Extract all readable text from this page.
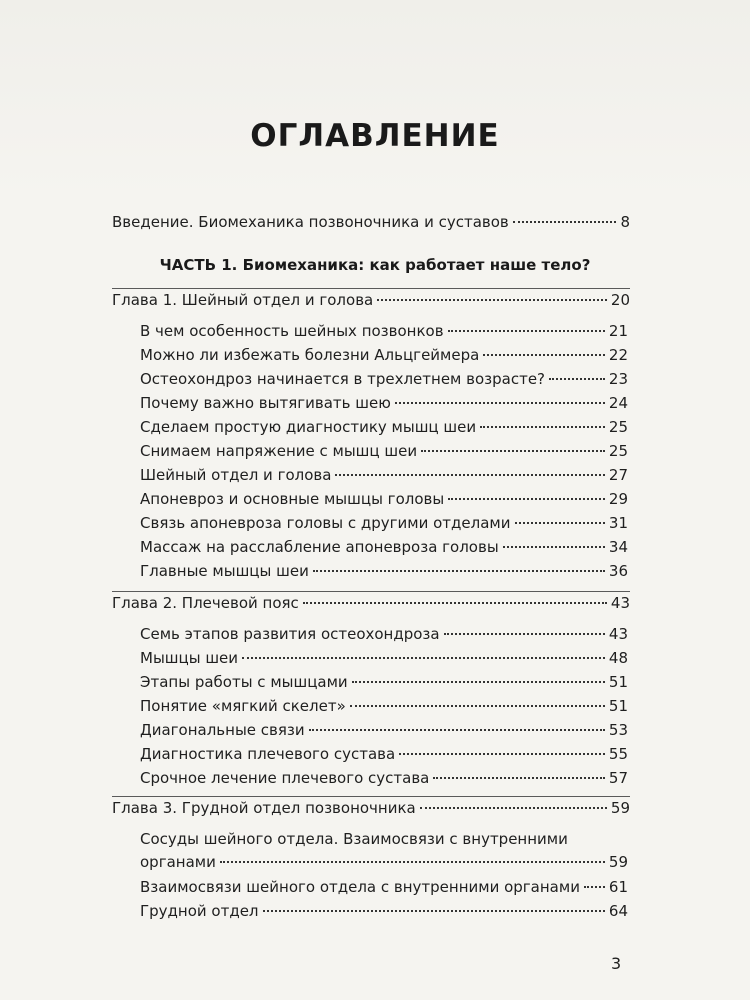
ОГЛАВЛЕНИЕ
Введение. Биомеханика позвоночника и суставов	8
ЧАСТЬ 1. Биомеханика: как работает наше тело?
Глава 1. Шейный отдел и голова	20
В чем особенность шейных позвонков	21
Можно ли избежать болезни Альцгеймера	22
Остеохондроз начинается в трехлетнем возрасте?	23
Почему важно вытягивать шею	24
Сделаем простую диагностику мышц шеи	25
Снимаем напряжение с мышц шеи	25
Шейный отдел и голова	27
Апоневроз и основные мышцы головы	29
Связь апоневроза головы с другими отделами	31
Массаж на расслабление апоневроза головы	34
Главные мышцы шеи	36
Глава 2. Плечевой пояс	43
Семь этапов развития остеохондроза	43
Мышцы шеи	48
Этапы работы с мышцами	51
Понятие «мягкий скелет»	51
Диагональные связи	53
Диагностика плечевого сустава	55
Срочное лечение плечевого сустава	57
Глава 3. Грудной отдел позвоночника	59
Сосуды шейного отдела. Взаимосвязи с внутренними
органами	59
Взаимосвязи шейного отдела с внутренними органами 61
Грудной отдел	64
3
